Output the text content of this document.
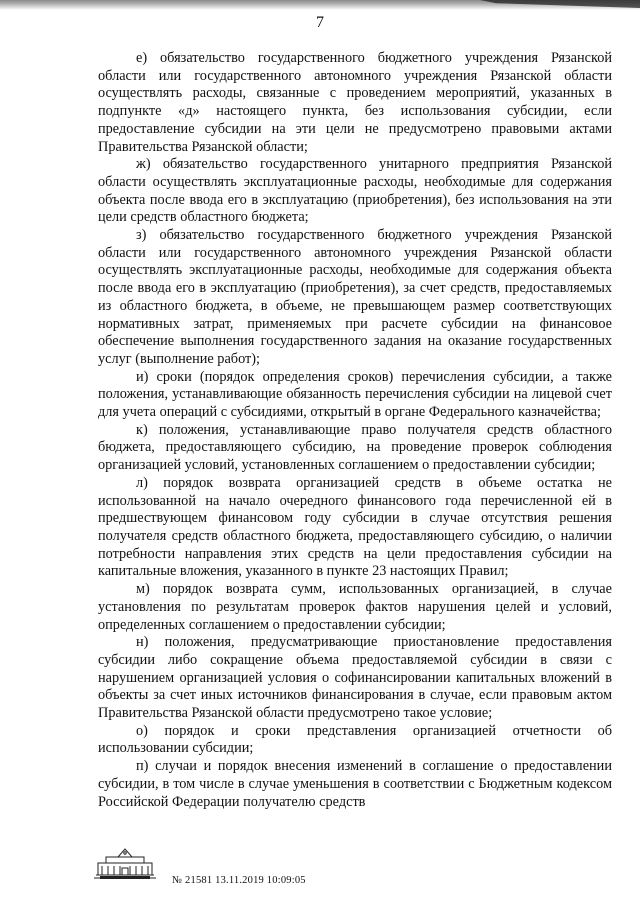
7

е) обязательство государственного бюджетного учреждения Рязанской области или государственного автономного учреждения Рязанской области осуществлять расходы, связанные с проведением мероприятий, указанных в подпункте «д» настоящего пункта, без использования субсидии, если предоставление субсидии на эти цели не предусмотрено правовыми актами Правительства Рязанской области;

ж) обязательство государственного унитарного предприятия Рязанской области осуществлять эксплуатационные расходы, необходимые для содержания объекта после ввода его в эксплуатацию (приобретения), без использования на эти цели средств областного бюджета;

з) обязательство государственного бюджетного учреждения Рязанской области или государственного автономного учреждения Рязанской области осуществлять эксплуатационные расходы, необходимые для содержания объекта после ввода его в эксплуатацию (приобретения), за счет средств, предоставляемых из областного бюджета, в объеме, не превышающем размер соответствующих нормативных затрат, применяемых при расчете субсидии на финансовое обеспечение выполнения государственного задания на оказание государственных услуг (выполнение работ);

и) сроки (порядок определения сроков) перечисления субсидии, а также положения, устанавливающие обязанность перечисления субсидии на лицевой счет для учета операций с субсидиями, открытый в органе Федерального казначейства;

к) положения, устанавливающие право получателя средств областного бюджета, предоставляющего субсидию, на проведение проверок соблюдения организацией условий, установленных соглашением о предоставлении субсидии;

л) порядок возврата организацией средств в объеме остатка не использованной на начало очередного финансового года перечисленной ей в предшествующем финансовом году субсидии в случае отсутствия решения получателя средств областного бюджета, предоставляющего субсидию, о наличии потребности направления этих средств на цели предоставления субсидии на капитальные вложения, указанного в пункте 23 настоящих Правил;

м) порядок возврата сумм, использованных организацией, в случае установления по результатам проверок фактов нарушения целей и условий, определенных соглашением о предоставлении субсидии;

н) положения, предусматривающие приостановление предоставления субсидии либо сокращение объема предоставляемой субсидии в связи с нарушением организацией условия о софинансировании капитальных вложений в объекты за счет иных источников финансирования в случае, если правовым актом Правительства Рязанской области предусмотрено такое условие;

о) порядок и сроки представления организацией отчетности об использовании субсидии;

п) случаи и порядок внесения изменений в соглашение о предоставлении субсидии, в том числе в случае уменьшения в соответствии с Бюджетным кодексом Российской Федерации получателю средств

№ 21581 13.11.2019 10:09:05
